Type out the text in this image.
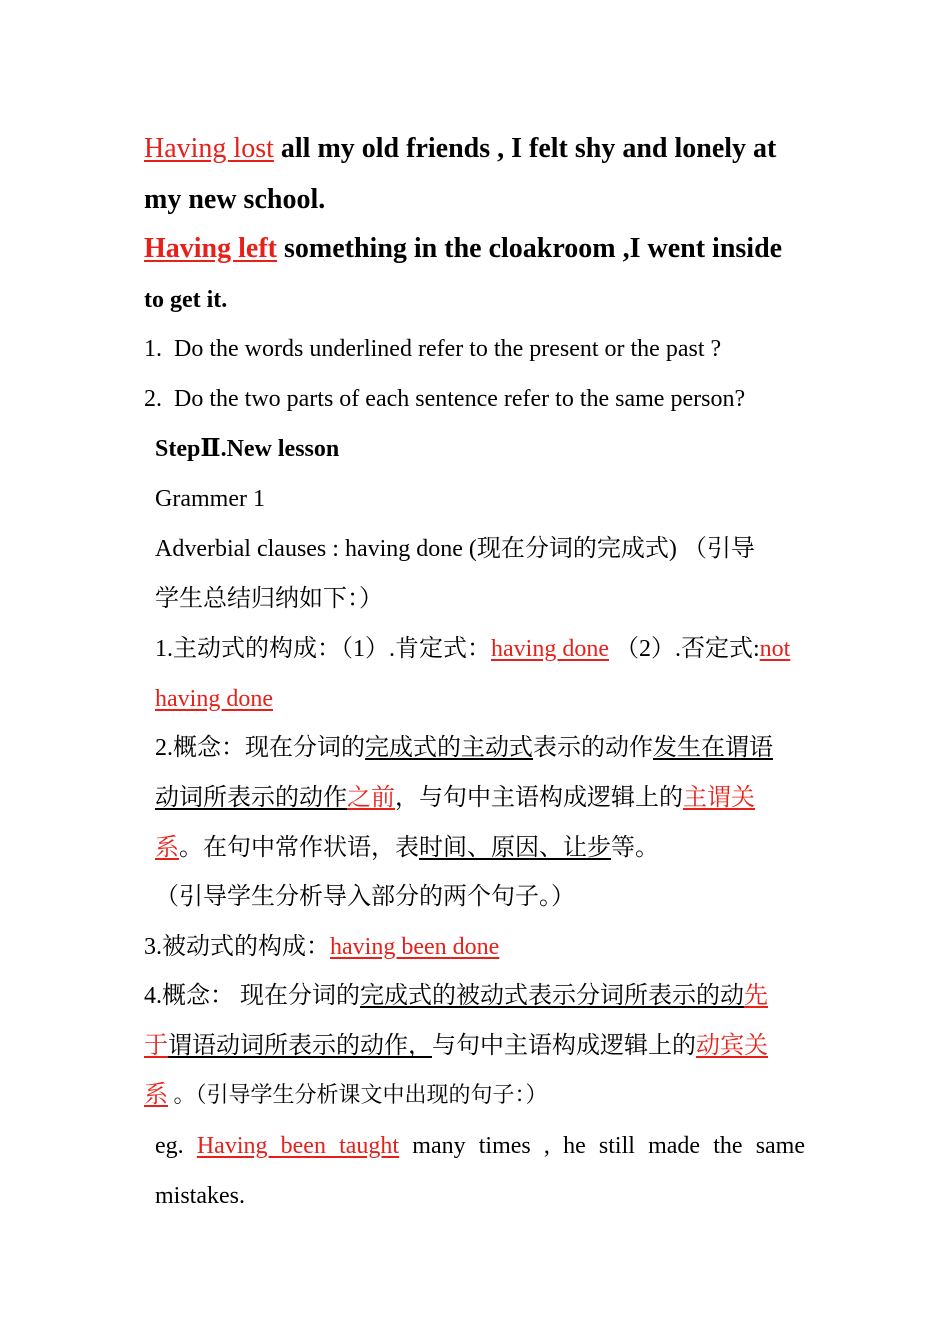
Having lost all my old friends , I felt shy and lonely at
my new school.
Having left something in the cloakroom ,I went inside
to get it.
1. Do the words underlined refer to the present or the past ?
2. Do the two parts of each sentence refer to the same person?
StepⅡ.New lesson
Grammer 1
Adverbial clauses : having done (现在分词的完成式) （引导
学生总结归纳如下：）
1.主动式的构成：（1）.肯定式：having done （2）.否定式:not
having done
2.概念：现在分词的完成式的主动式表示的动作发生在谓语
动词所表示的动作之前，与句中主语构成逻辑上的主谓关
系。在句中常作状语，表时间、原因、让步等。
（引导学生分析导入部分的两个句子。）
3.被动式的构成：having been done
4.概念： 现在分词的完成式的被动式表示分词所表示的动先
于谓语动词所表示的动作，与句中主语构成逻辑上的动宾关
系 。（引导学生分析课文中出现的句子：）
eg. Having been taught many times , he still made the same
mistakes.
